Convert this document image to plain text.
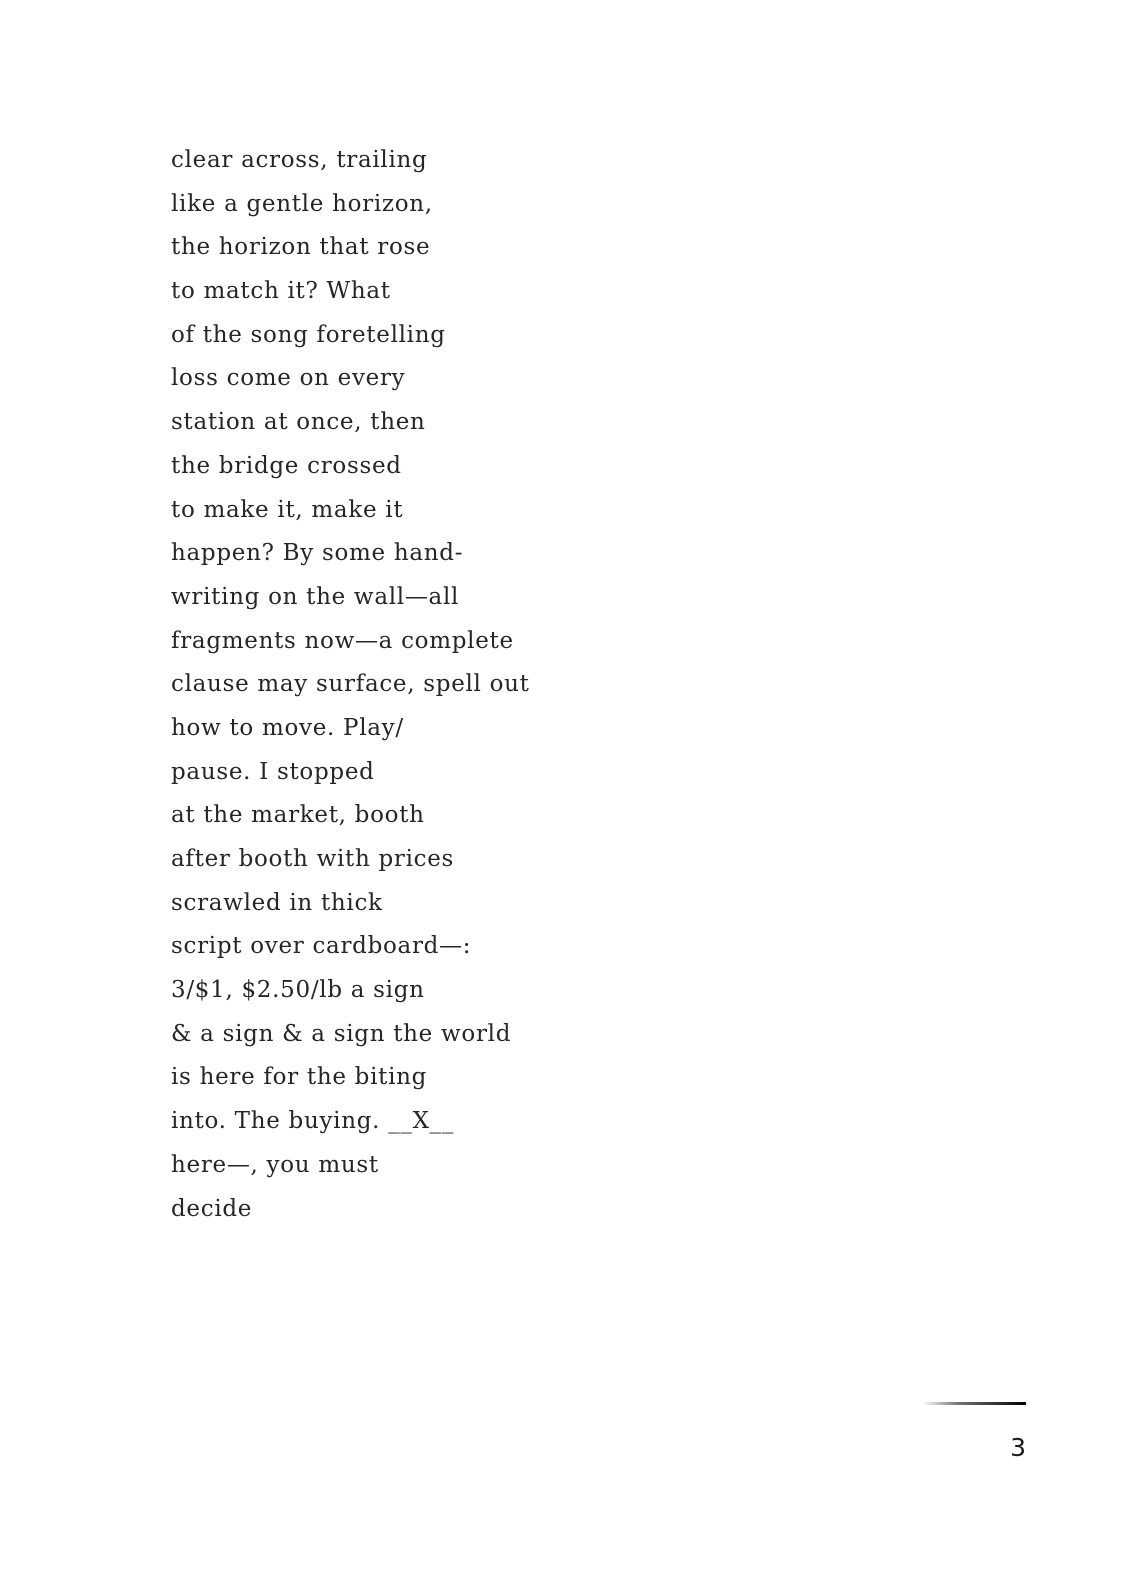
clear across, trailing
like a gentle horizon,
the horizon that rose
to match it? What
of the song foretelling
loss come on every
station at once, then
the bridge crossed
to make it, make it
happen? By some hand-
writing on the wall—all
fragments now—a complete
clause may surface, spell out
how to move. Play/
pause. I stopped
at the market, booth
after booth with prices
scrawled in thick
script over cardboard—:
3/$1, $2.50/lb a sign
& a sign & a sign the world
is here for the biting
into. The buying. __X__
here—, you must
decide
3
